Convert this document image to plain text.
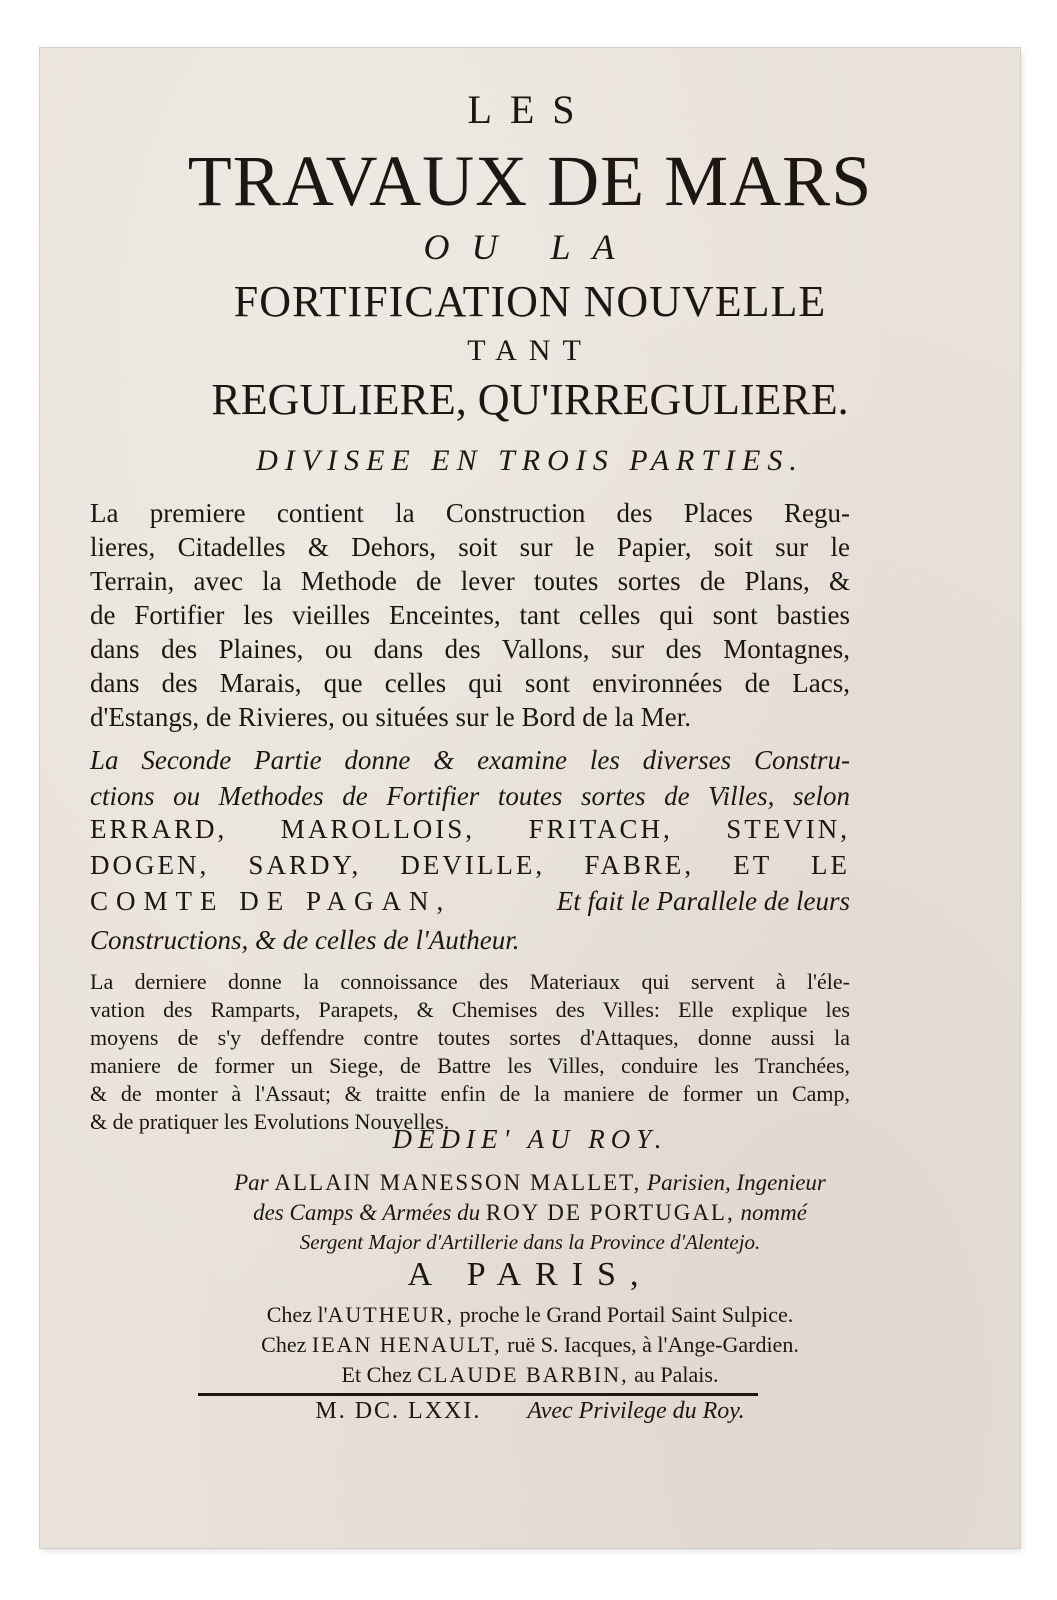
LES
TRAVAUX DE MARS
OU LA
FORTIFICATION NOUVELLE
TANT
REGULIERE, QU'IRREGULIERE.
DIVISEE EN TROIS PARTIES.
La premiere contient la Construction des Places Regu-
lieres, Citadelles & Dehors, soit sur le Papier, soit sur le
Terrain, avec la Methode de lever toutes sortes de Plans, &
de Fortifier les vieilles Enceintes, tant celles qui sont basties
dans des Plaines, ou dans des Vallons, sur des Montagnes,
dans des Marais, que celles qui sont environnées de Lacs,
d'Estangs, de Rivieres, ou situées sur le Bord de la Mer.
La Seconde Partie donne & examine les diverses Constru-
ctions ou Methodes de Fortifier toutes sortes de Villes, selon
ERRARD, MAROLLOIS, FRITACH, STEVIN,
DOGEN, SARDY, DEVILLE, FABRE, ET LE
COMTE DE PAGAN,	Et fait le Parallele de leurs
Constructions, & de celles de l'Autheur.
La derniere donne la connoissance des Materiaux qui servent à l'éle-
vation des Ramparts, Parapets, & Chemises des Villes: Elle explique les
moyens de s'y deffendre contre toutes sortes d'Attaques, donne aussi la
maniere de former un Siege, de Battre les Villes, conduire les Tranchées,
& de monter à l'Assaut; & traitte enfin de la maniere de former un Camp,
& de pratiquer les Evolutions Nouvelles.
DEDIE' AU ROY.
Par ALLAIN MANESSON MALLET, Parisien, Ingenieur
des Camps & Armées du ROY DE PORTUGAL, nommé
Sergent Major d'Artillerie dans la Province d'Alentejo.
A PARIS,
Chez l'AUTHEUR, proche le Grand Portail Saint Sulpice.
Chez IEAN HENAULT, ruë S. Iacques, à l'Ange-Gardien.
Et Chez CLAUDE BARBIN, au Palais.
M. DC. LXXI. Avec Privilege du Roy.
